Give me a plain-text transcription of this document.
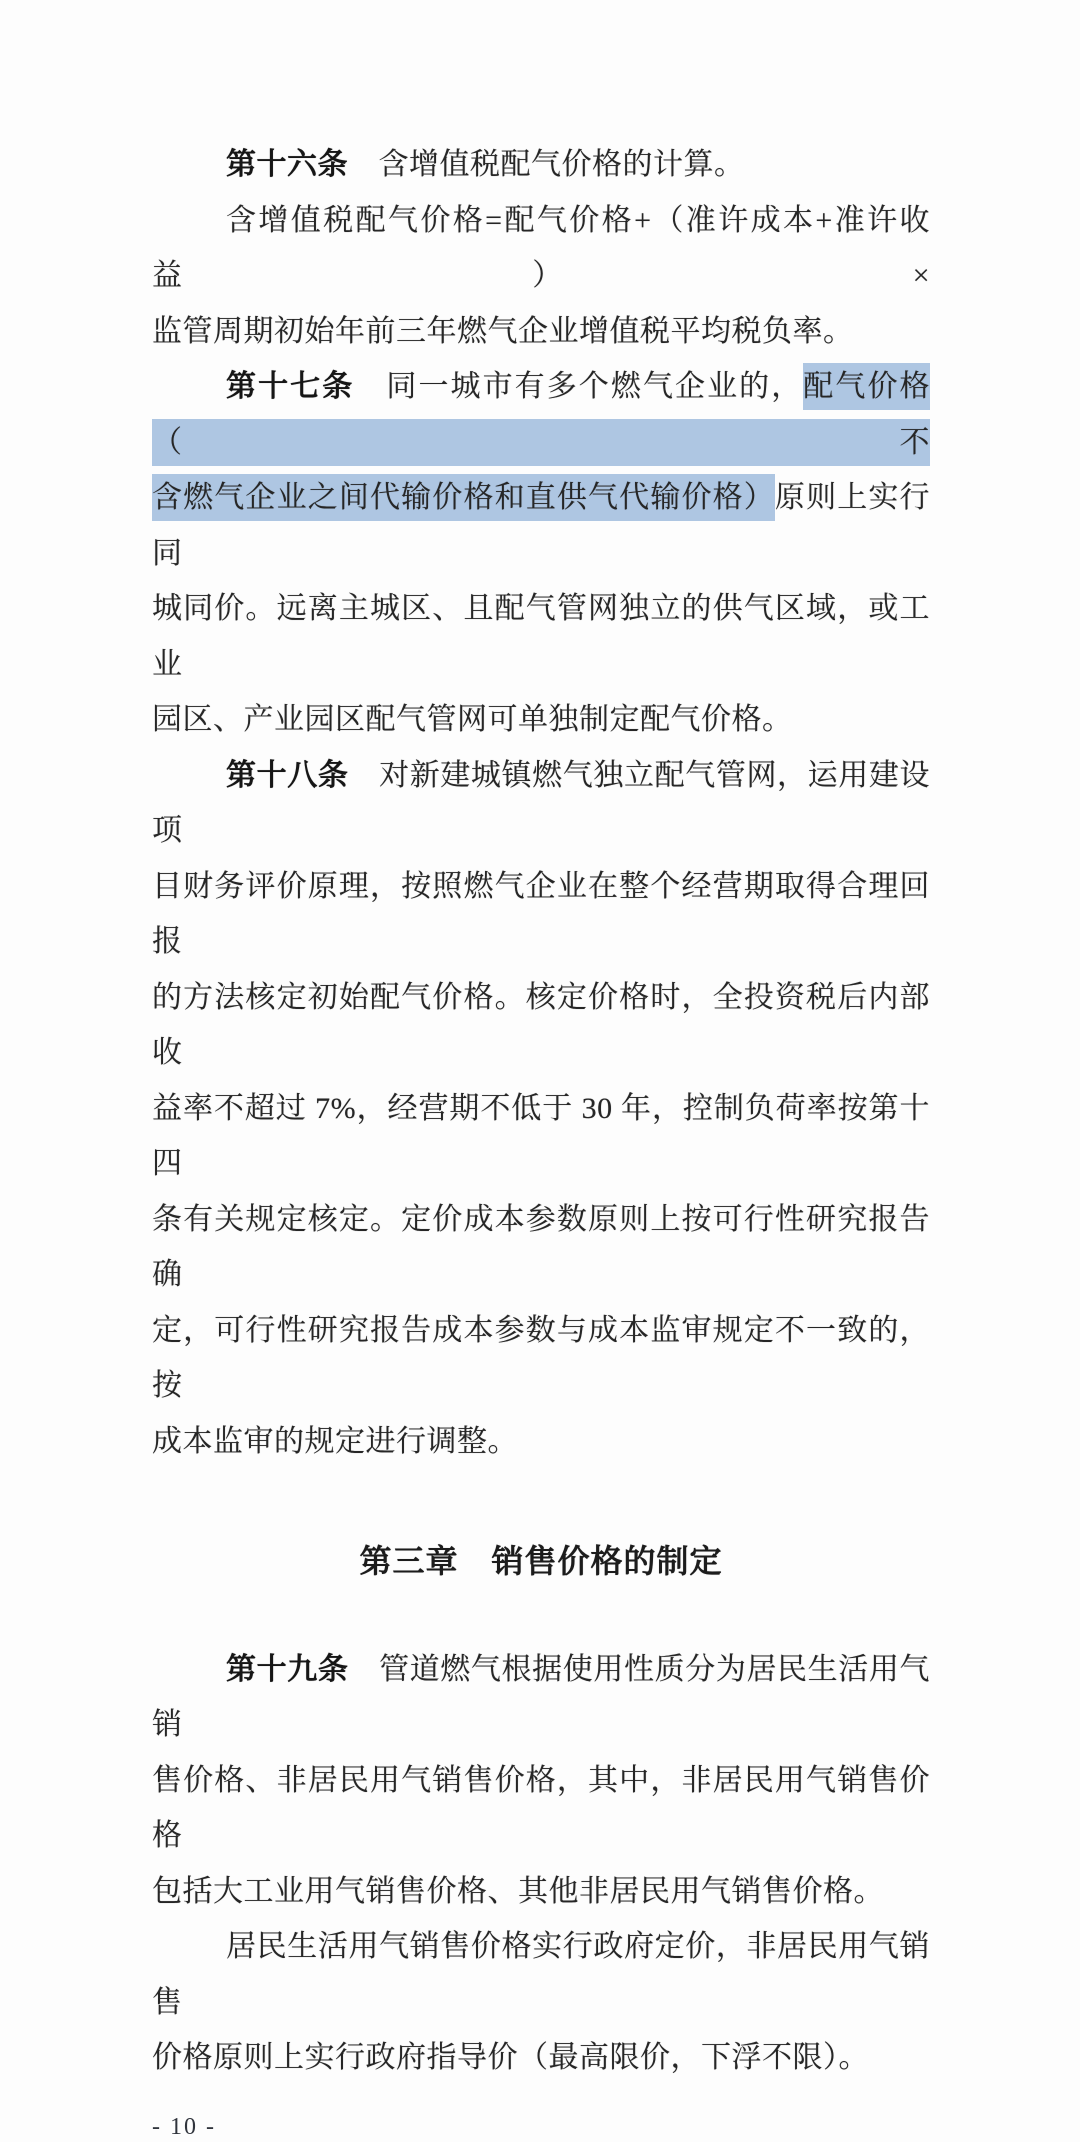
第十六条　含增值税配气价格的计算。
含增值税配气价格=配气价格+（准许成本+准许收益）×
监管周期初始年前三年燃气企业增值税平均税负率。
第十七条　同一城市有多个燃气企业的，配气价格（不
含燃气企业之间代输价格和直供气代输价格）原则上实行同
城同价。远离主城区、且配气管网独立的供气区域，或工业
园区、产业园区配气管网可单独制定配气价格。
第十八条　对新建城镇燃气独立配气管网，运用建设项
目财务评价原理，按照燃气企业在整个经营期取得合理回报
的方法核定初始配气价格。核定价格时，全投资税后内部收
益率不超过 7%，经营期不低于 30 年，控制负荷率按第十四
条有关规定核定。定价成本参数原则上按可行性研究报告确
定，可行性研究报告成本参数与成本监审规定不一致的，按
成本监审的规定进行调整。
第三章　销售价格的制定
第十九条　管道燃气根据使用性质分为居民生活用气销
售价格、非居民用气销售价格，其中，非居民用气销售价格
包括大工业用气销售价格、其他非居民用气销售价格。
居民生活用气销售价格实行政府定价，非居民用气销售
价格原则上实行政府指导价（最高限价，下浮不限）。
- 10 -
